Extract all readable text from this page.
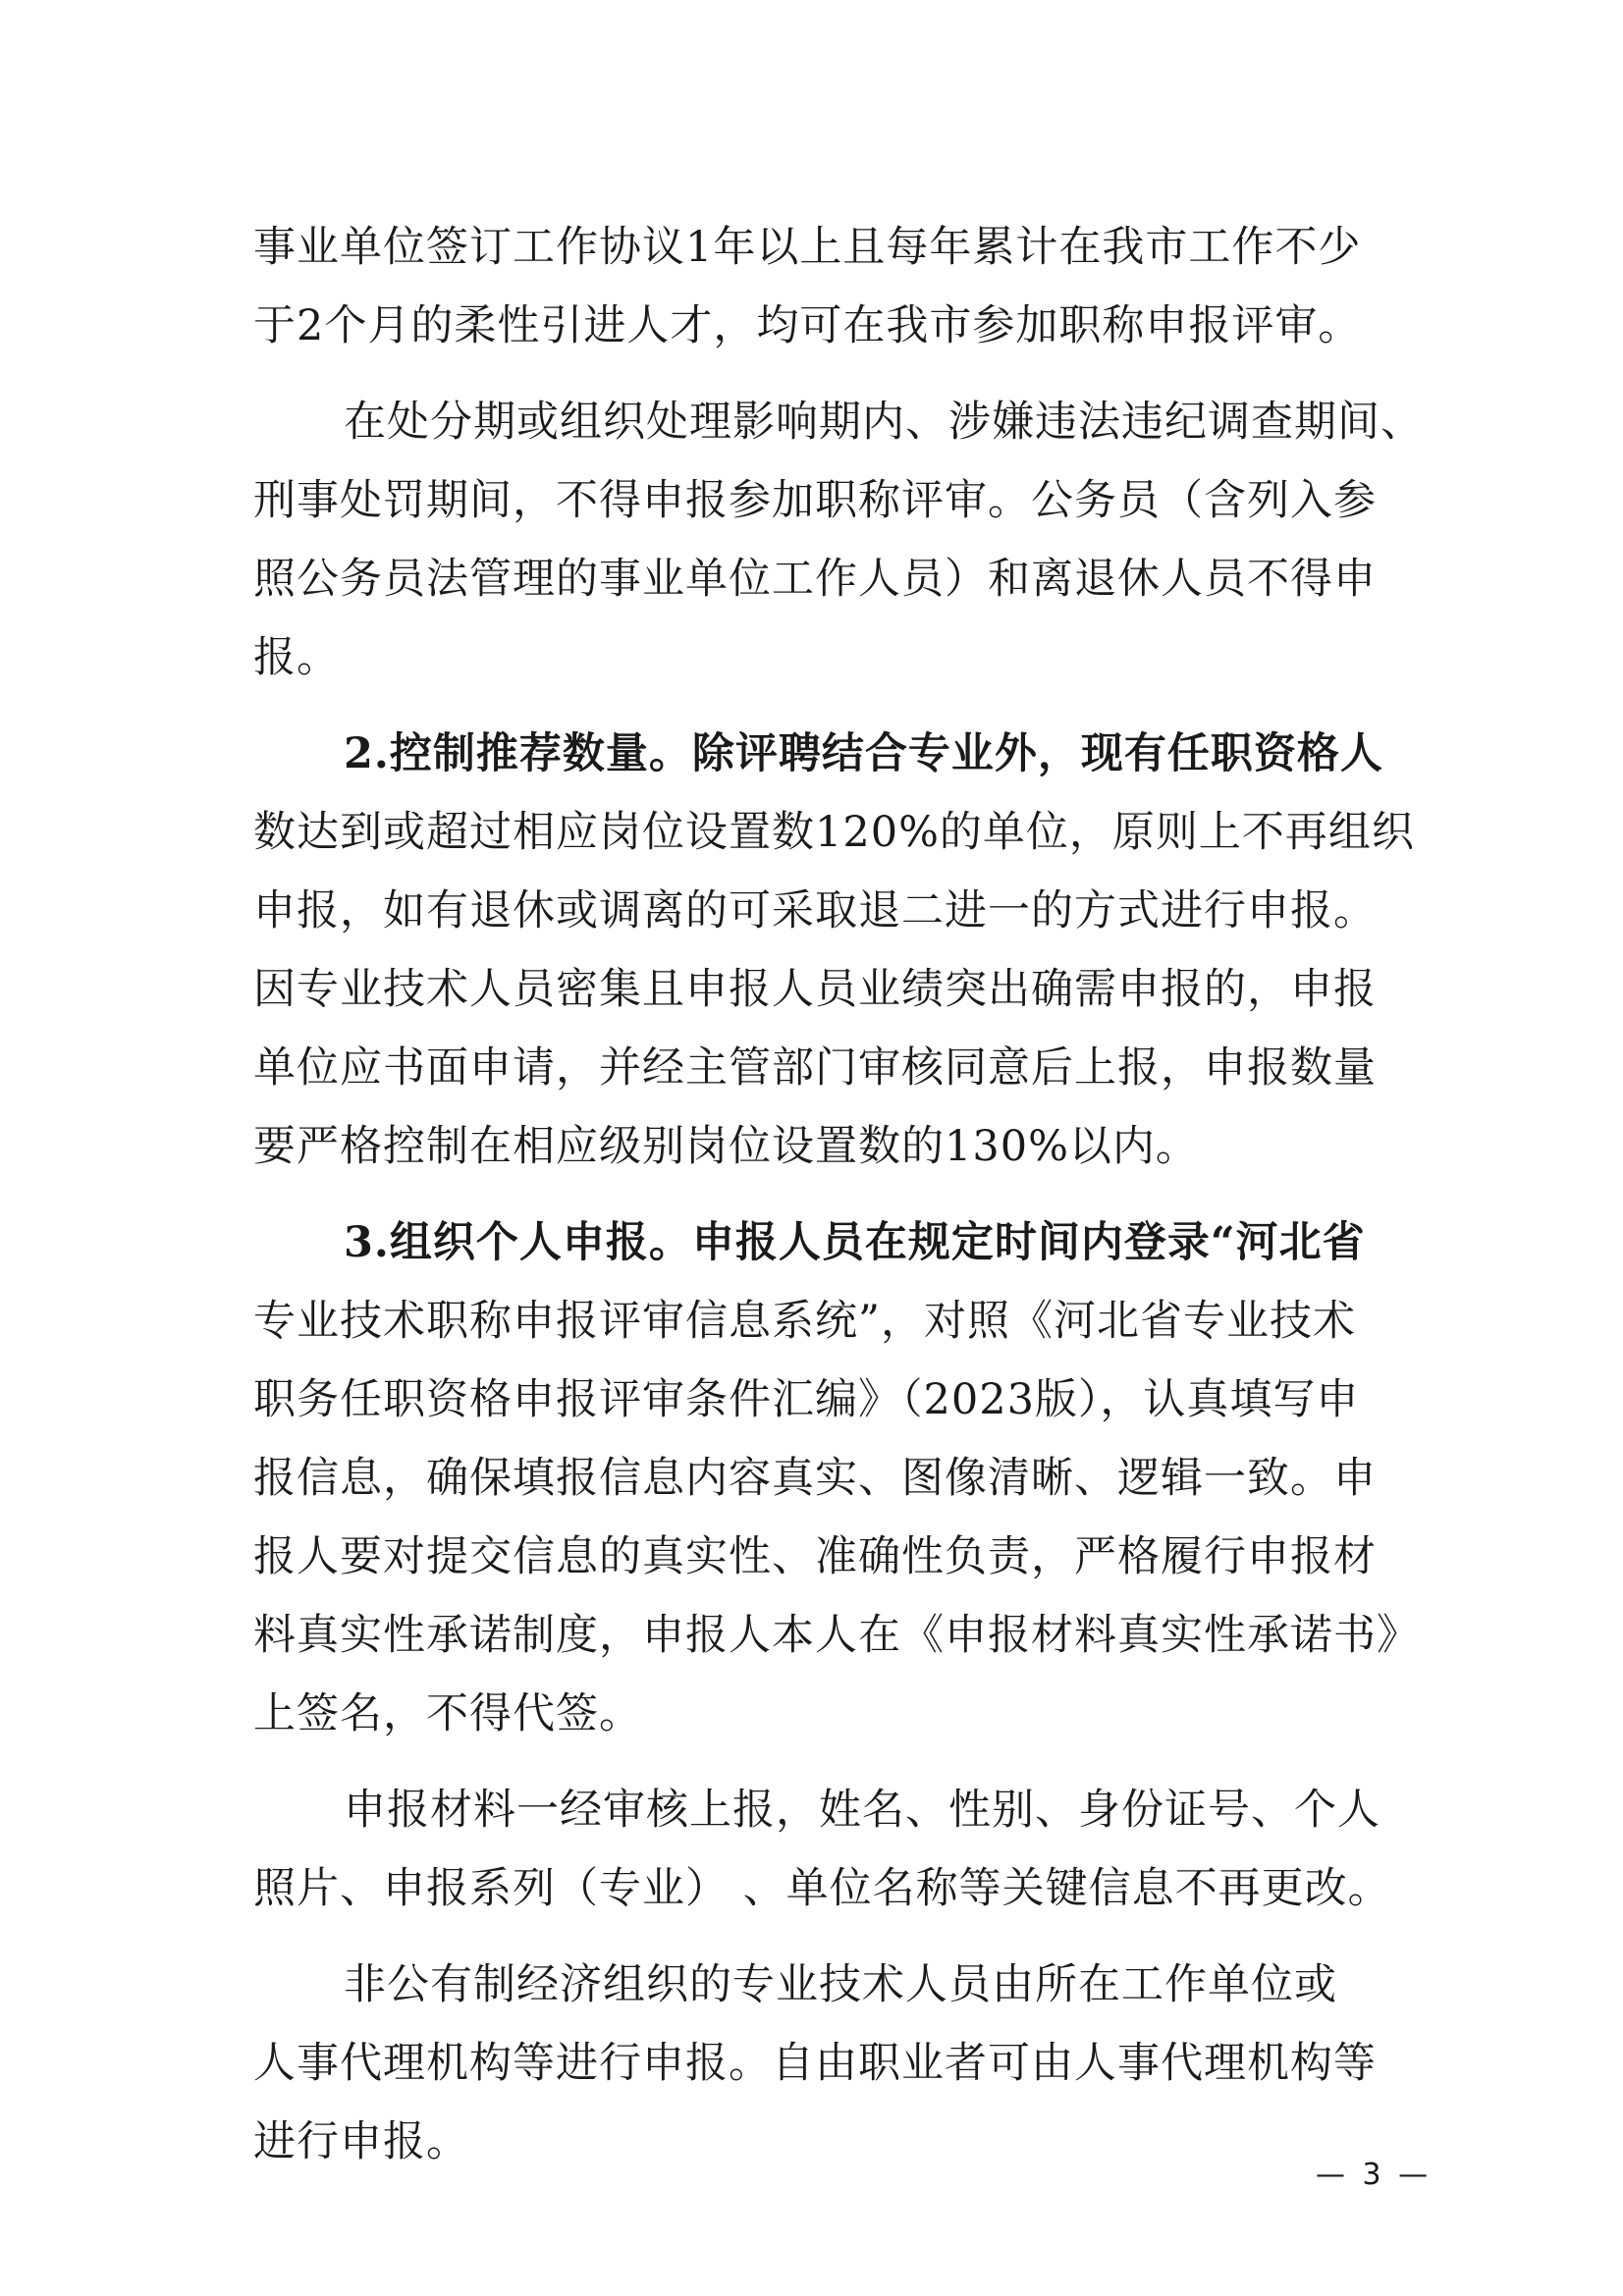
事业单位签订工作协议1年以上且每年累计在我市工作不少
于2个月的柔性引进人才，均可在我市参加职称申报评审。
在处分期或组织处理影响期内、涉嫌违法违纪调查期间、
刑事处罚期间，不得申报参加职称评审。公务员（含列入参
照公务员法管理的事业单位工作人员）和离退休人员不得申
报。
2.控制推荐数量。除评聘结合专业外，现有任职资格人
数达到或超过相应岗位设置数120%的单位，原则上不再组织
申报，如有退休或调离的可采取退二进一的方式进行申报。
因专业技术人员密集且申报人员业绩突出确需申报的，申报
单位应书面申请，并经主管部门审核同意后上报，申报数量
要严格控制在相应级别岗位设置数的130%以内。
3.组织个人申报。申报人员在规定时间内登录“河北省
专业技术职称申报评审信息系统”，对照《河北省专业技术
职务任职资格申报评审条件汇编》（2023版），认真填写申
报信息，确保填报信息内容真实、图像清晰、逻辑一致。申
报人要对提交信息的真实性、准确性负责，严格履行申报材
料真实性承诺制度，申报人本人在《申报材料真实性承诺书》
上签名，不得代签。
申报材料一经审核上报，姓名、性别、身份证号、个人
照片、申报系列（专业） 、单位名称等关键信息不再更改。
非公有制经济组织的专业技术人员由所在工作单位或
人事代理机构等进行申报。自由职业者可由人事代理机构等
进行申报。
— 3 —
